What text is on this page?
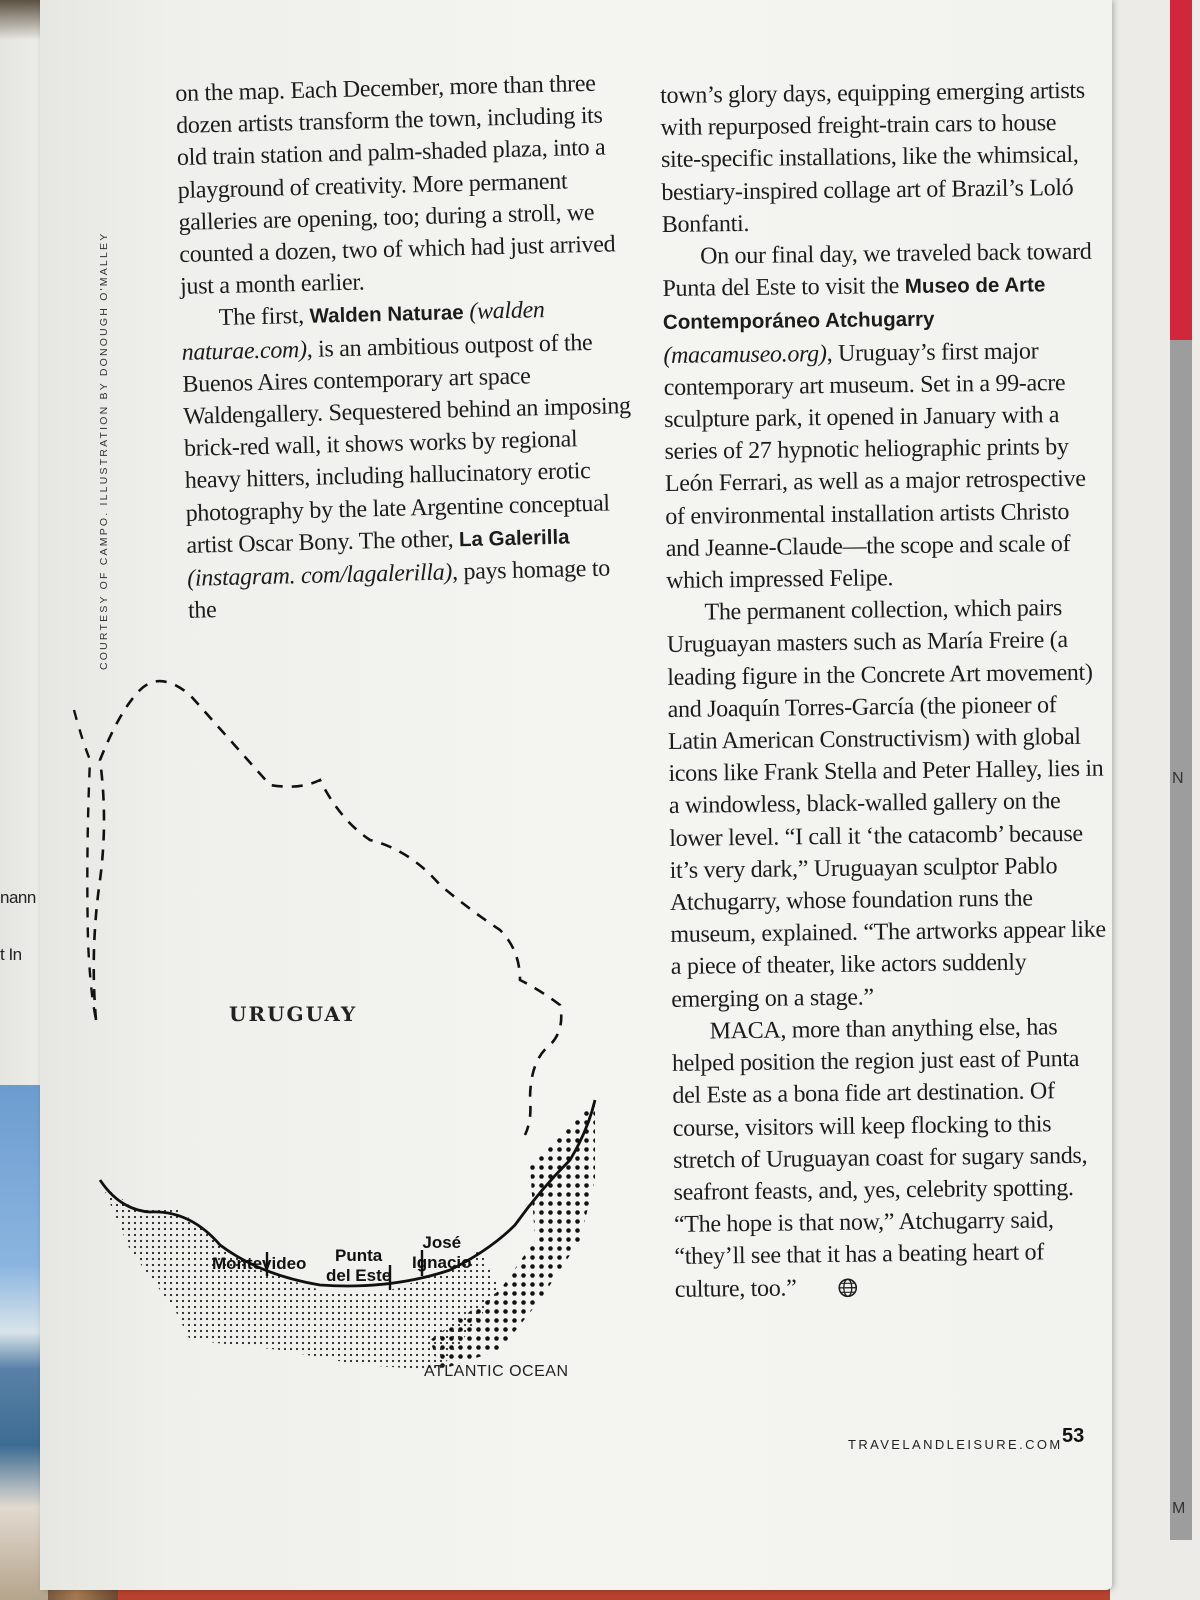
nann
t In
N
M
COURTESY OF CAMPO. ILLUSTRATION BY DONOUGH O'MALLEY

on the map. Each December, more than three dozen artists transform the town, including its old train station and palm-shaded plaza, into a playground of creativity. More permanent galleries are opening, too; during a stroll, we counted a dozen, two of which had just arrived just a month earlier.

The first, Walden Naturae (walden naturae.com), is an ambitious outpost of the Buenos Aires contemporary art space Waldengallery. Sequestered behind an imposing brick-red wall, it shows works by regional heavy hitters, including hallucinatory erotic photography by the late Argentine conceptual artist Oscar Bony. The other, La Galerilla (instagram. com/lagalerilla), pays homage to the

town’s glory days, equipping emerging artists with repurposed freight-train cars to house site-specific installations, like the whimsical, bestiary-inspired collage art of Brazil’s Loló Bonfanti.

On our final day, we traveled back toward Punta del Este to visit the Museo de Arte Contemporáneo Atchugarry (macamuseo.org), Uruguay’s first major contemporary art museum. Set in a 99-acre sculpture park, it opened in January with a series of 27 hypnotic heliographic prints by León Ferrari, as well as a major retrospective of environmental installation artists Christo and Jeanne-Claude—the scope and scale of which impressed Felipe.

The permanent collection, which pairs Uruguayan masters such as María Freire (a leading figure in the Concrete Art movement) and Joaquín Torres-García (the pioneer of Latin American Constructivism) with global icons like Frank Stella and Peter Halley, lies in a windowless, black-walled gallery on the lower level. “I call it ‘the catacomb’ because it’s very dark,” Uruguayan sculptor Pablo Atchugarry, whose foundation runs the museum, explained. “The artworks appear like a piece of theater, like actors suddenly emerging on a stage.”

MACA, more than anything else, has helped position the region just east of Punta del Este as a bona fide art destination. Of course, visitors will keep flocking to this stretch of Uruguayan coast for sugary sands, seafront feasts, and, yes, celebrity spotting. “The hope is that now,” Atchugarry said, “they’ll see that it has a beating heart of culture, too.”

URUGUAY
Montevideo	Punta
del Este
José
Ignacio
ATLANTIC OCEAN
TRAVELANDLEISURE.COM 53
